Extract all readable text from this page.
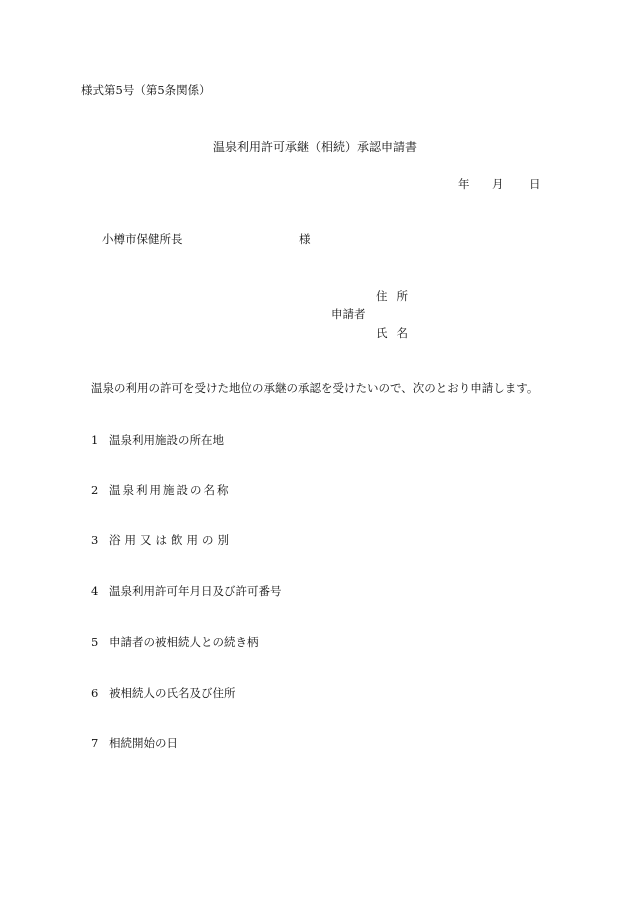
様式第5号（第5条関係）
温泉利用許可承継（相続）承認申請書
年 月 日
小樽市保健所長	様
住所
申請者
氏名
温泉の利用の許可を受けた地位の承継の承認を受けたいので、次のとおり申請します。
1 温泉利用施設の所在地
2 温泉利用施設の名称
3 浴用又は飲用の別
4 温泉利用許可年月日及び許可番号
5 申請者の被相続人との続き柄
6 被相続人の氏名及び住所
7 相続開始の日
